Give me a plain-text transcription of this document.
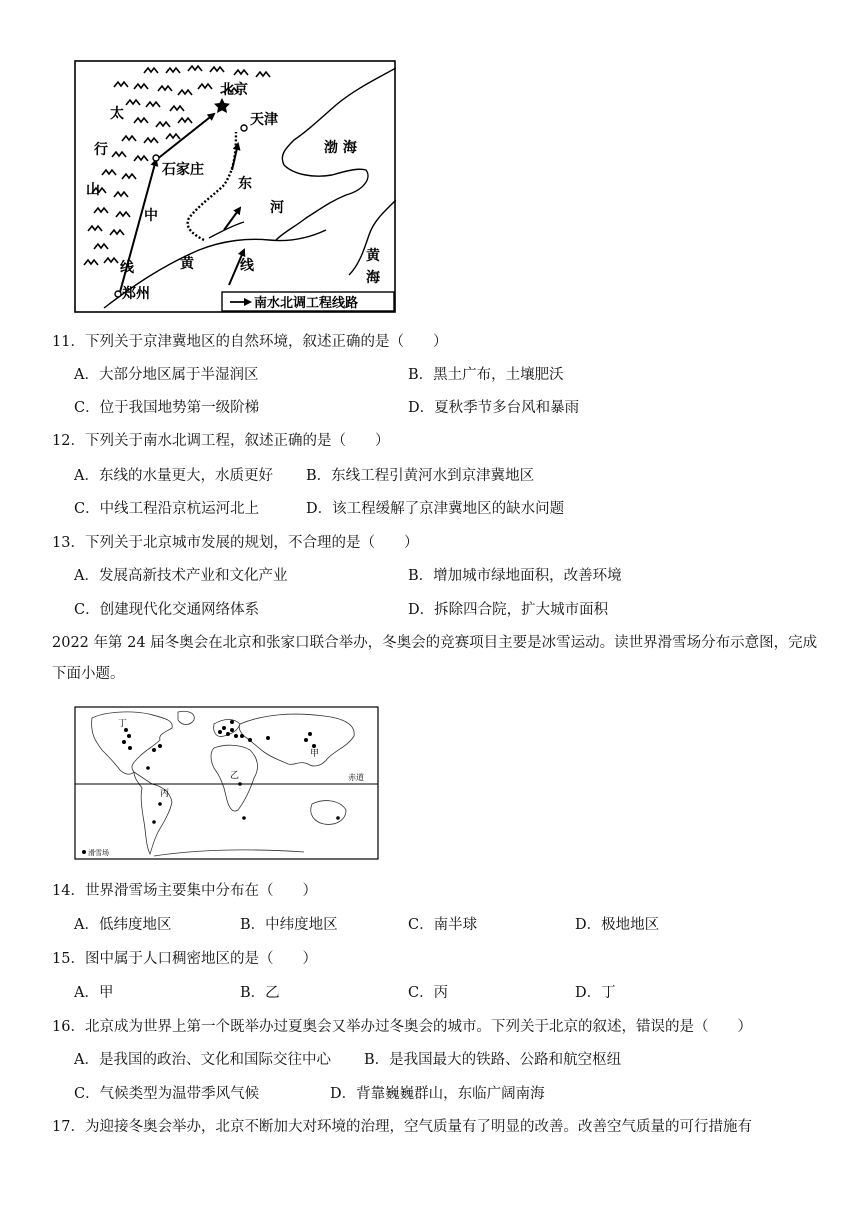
北京
天津
石家庄
郑州
渤 海
黄
海
太
行
山
中
线	黄	线
东
河
南水北调工程线路
11．下列关于京津冀地区的自然环境，叙述正确的是（　　）
A．大部分地区属于半湿润区	B．黑土广布，土壤肥沃
C．位于我国地势第一级阶梯	D．夏秋季节多台风和暴雨
12．下列关于南水北调工程，叙述正确的是（　　）
A．东线的水量更大，水质更好 B．东线工程引黄河水到京津冀地区
C．中线工程沿京杭运河北上	D．该工程缓解了京津冀地区的缺水问题
13．下列关于北京城市发展的规划，不合理的是（　　）
A．发展高新技术产业和文化产业	B．增加城市绿地面积，改善环境
C．创建现代化交通网络体系	D．拆除四合院，扩大城市面积
2022 年第 24 届冬奥会在北京和张家口联合举办，冬奥会的竞赛项目主要是冰雪运动。读世界滑雪场分布示意图，完成下面小题。
赤道
甲
乙
丙
丁
滑雪场
14．世界滑雪场主要集中分布在（　　）
A．低纬度地区	B．中纬度地区	C．南半球	D．极地地区
15．图中属于人口稠密地区的是（　　）
A．甲	B．乙	C．丙	D．丁
16．北京成为世界上第一个既举办过夏奥会又举办过冬奥会的城市。下列关于北京的叙述，错误的是（　　）
A．是我国的政治、文化和国际交往中心 B．是我国最大的铁路、公路和航空枢纽
C．气候类型为温带季风气候	D．背靠巍巍群山，东临广阔南海
17．为迎接冬奥会举办，北京不断加大对环境的治理，空气质量有了明显的改善。改善空气质量的可行措施有
